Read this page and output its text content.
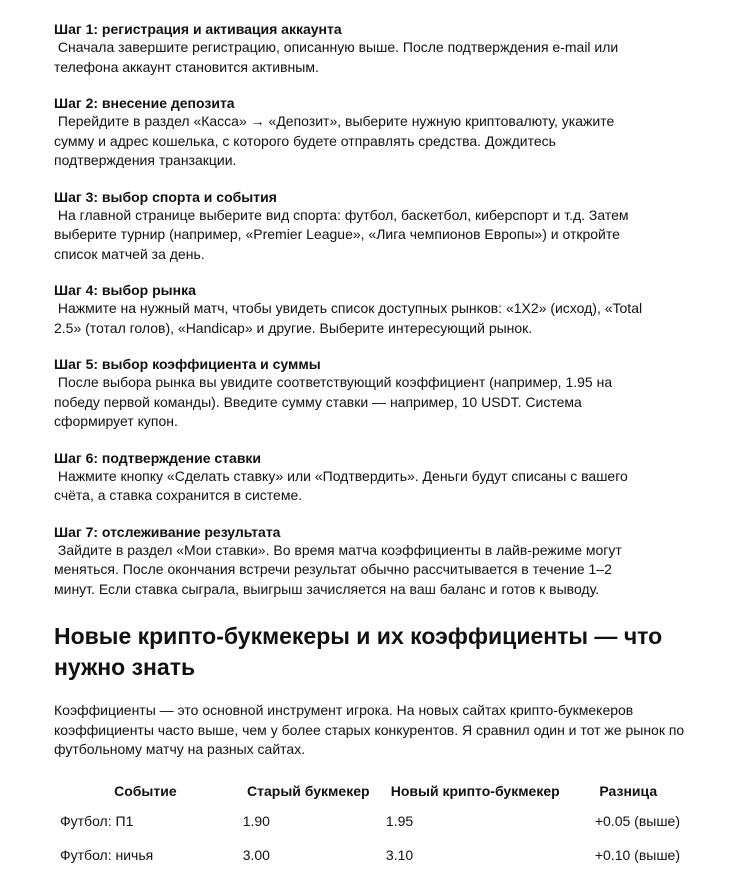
Шаг 1: регистрация и активация аккаунта
Сначала завершите регистрацию, описанную выше. После подтверждения e-mail или
телефона аккаунт становится активным.
Шаг 2: внесение депозита
Перейдите в раздел «Касса» → «Депозит», выберите нужную криптовалюту, укажите
сумму и адрес кошелька, с которого будете отправлять средства. Дождитесь
подтверждения транзакции.
Шаг 3: выбор спорта и события
На главной странице выберите вид спорта: футбол, баскетбол, киберспорт и т.д. Затем
выберите турнир (например, «Premier League», «Лига чемпионов Европы») и откройте
список матчей за день.
Шаг 4: выбор рынка
Нажмите на нужный матч, чтобы увидеть список доступных рынков: «1X2» (исход), «Total
2.5» (тотал голов), «Handicap» и другие. Выберите интересующий рынок.
Шаг 5: выбор коэффициента и суммы
После выбора рынка вы увидите соответствующий коэффициент (например, 1.95 на
победу первой команды). Введите сумму ставки — например, 10 USDT. Система
сформирует купон.
Шаг 6: подтверждение ставки
Нажмите кнопку «Сделать ставку» или «Подтвердить». Деньги будут списаны с вашего
счёта, а ставка сохранится в системе.
Шаг 7: отслеживание результата
Зайдите в раздел «Мои ставки». Во время матча коэффициенты в лайв-режиме могут
меняться. После окончания встречи результат обычно рассчитывается в течение 1–2
минут. Если ставка сыграла, выигрыш зачисляется на ваш баланс и готов к выводу.
Новые крипто-букмекеры и их коэффициенты — что нужно знать

Коэффициенты — это основной инструмент игрока. На новых сайтах крипто-букмекеров коэффициенты часто выше, чем у более старых конкурентов. Я сравнил один и тот же рынок по футбольному матчу на разных сайтах.

Событие	Старый букмекер	Новый крипто-букмекер	Разница
Футбол: П1	1.90	1.95	+0.05 (выше)
Футбол: ничья	3.00	3.10	+0.10 (выше)
